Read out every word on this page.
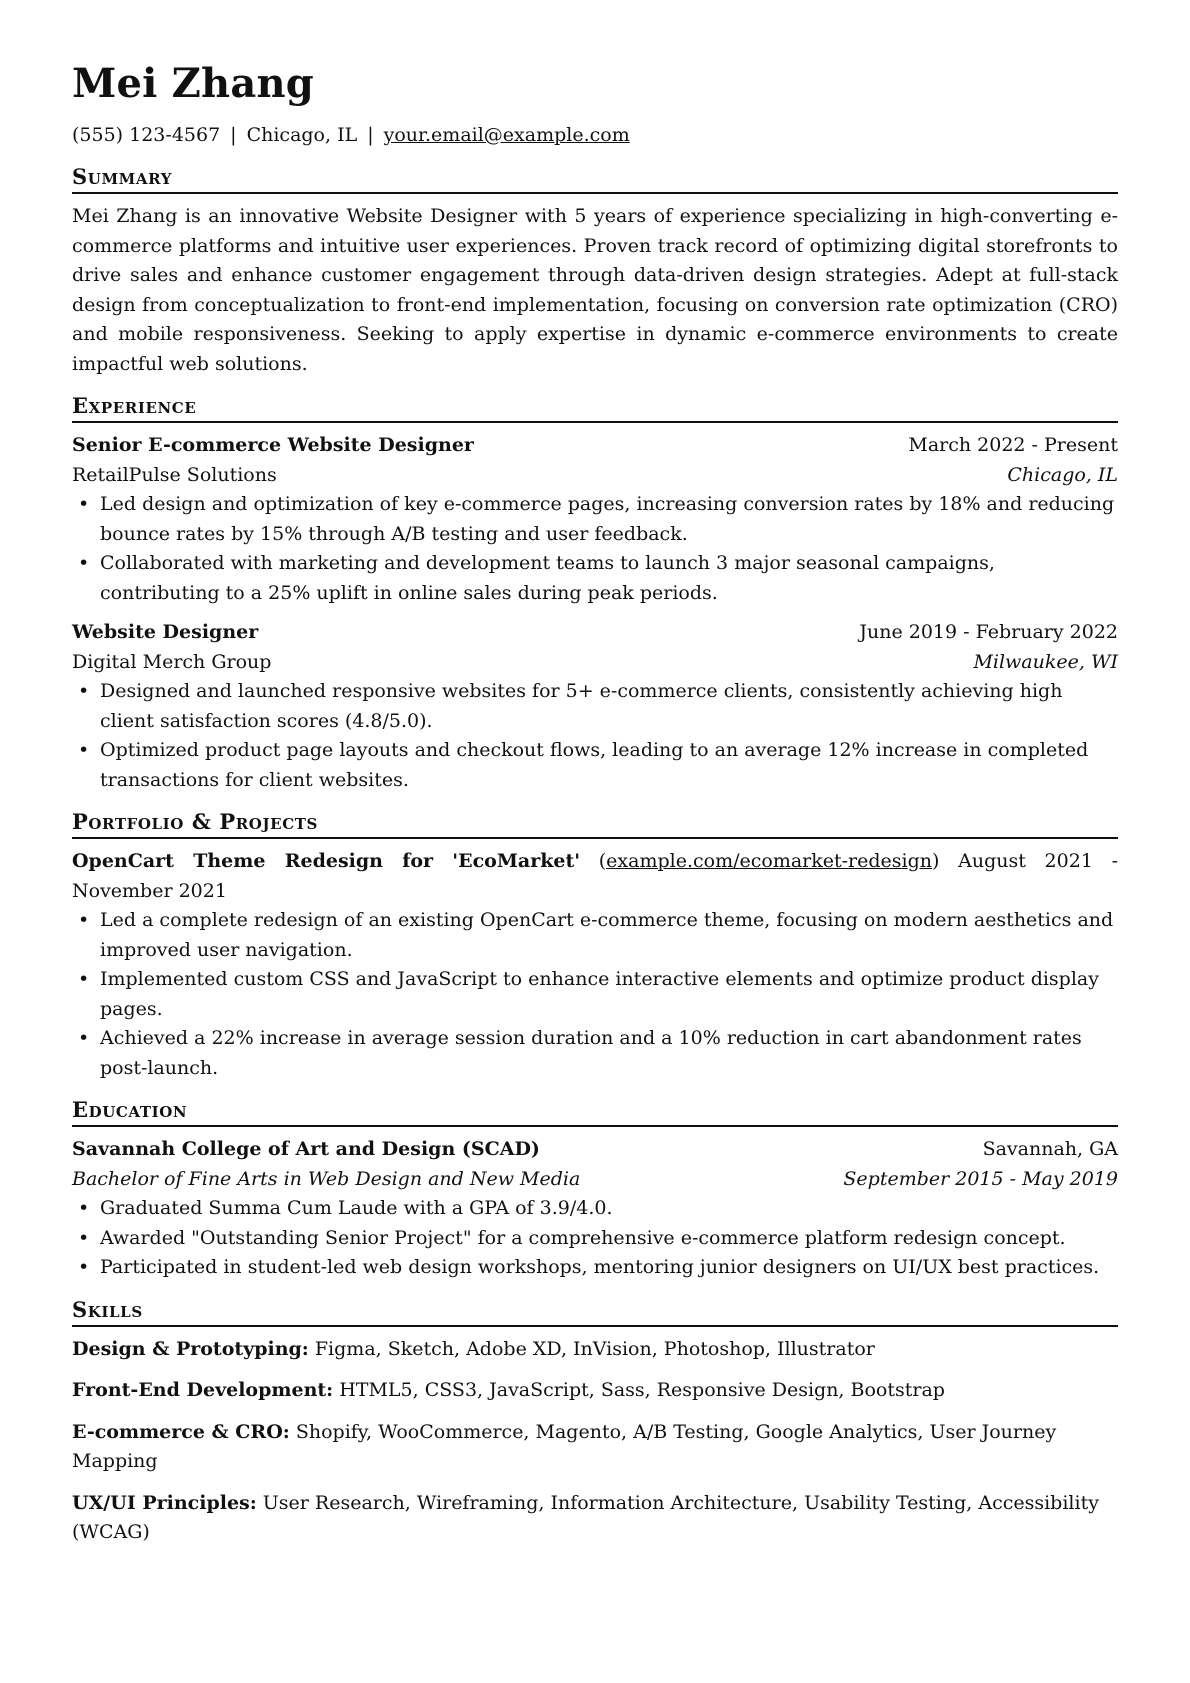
Mei Zhang
(555) 123-4567 | Chicago, IL | your.email@example.com
Summary

Mei Zhang is an innovative Website Designer with 5 years of experience specializing in high-converting e-commerce platforms and intuitive user experiences. Proven track record of optimizing digital storefronts to drive sales and enhance customer engagement through data-driven design strategies. Adept at full-stack design from conceptualization to front-end implementation, focusing on conversion rate optimization (CRO) and mobile responsiveness. Seeking to apply expertise in dynamic e-commerce environments to create impactful web solutions.

Experience
Senior E-commerce Website Designer	March 2022 - Present
RetailPulse Solutions	Chicago, IL
• Led design and optimization of key e-commerce pages, increasing conversion rates by 18% and reducing bounce rates by 15% through A/B testing and user feedback.
• Collaborated with marketing and development teams to launch 3 major seasonal campaigns, contributing to a 25% uplift in online sales during peak periods.
Website Designer	June 2019 - February 2022
Digital Merch Group	Milwaukee, WI
• Designed and launched responsive websites for 5+ e-commerce clients, consistently achieving high client satisfaction scores (4.8/5.0).
• Optimized product page layouts and checkout flows, leading to an average 12% increase in completed transactions for client websites.
Portfolio & Projects
OpenCart Theme Redesign for 'EcoMarket' (example.com/ecomarket-redesign) August 2021 - November 2021
• Led a complete redesign of an existing OpenCart e-commerce theme, focusing on modern aesthetics and improved user navigation.
• Implemented custom CSS and JavaScript to enhance interactive elements and optimize product display pages.
• Achieved a 22% increase in average session duration and a 10% reduction in cart abandonment rates post-launch.
Education
Savannah College of Art and Design (SCAD)	Savannah, GA
Bachelor of Fine Arts in Web Design and New Media	September 2015 - May 2019
• Graduated Summa Cum Laude with a GPA of 3.9/4.0.
• Awarded "Outstanding Senior Project" for a comprehensive e-commerce platform redesign concept.
• Participated in student-led web design workshops, mentoring junior designers on UI/UX best practices.
Skills
Design & Prototyping: Figma, Sketch, Adobe XD, InVision, Photoshop, Illustrator
Front-End Development: HTML5, CSS3, JavaScript, Sass, Responsive Design, Bootstrap
E-commerce & CRO: Shopify, WooCommerce, Magento, A/B Testing, Google Analytics, User Journey Mapping
UX/UI Principles: User Research, Wireframing, Information Architecture, Usability Testing, Accessibility (WCAG)
